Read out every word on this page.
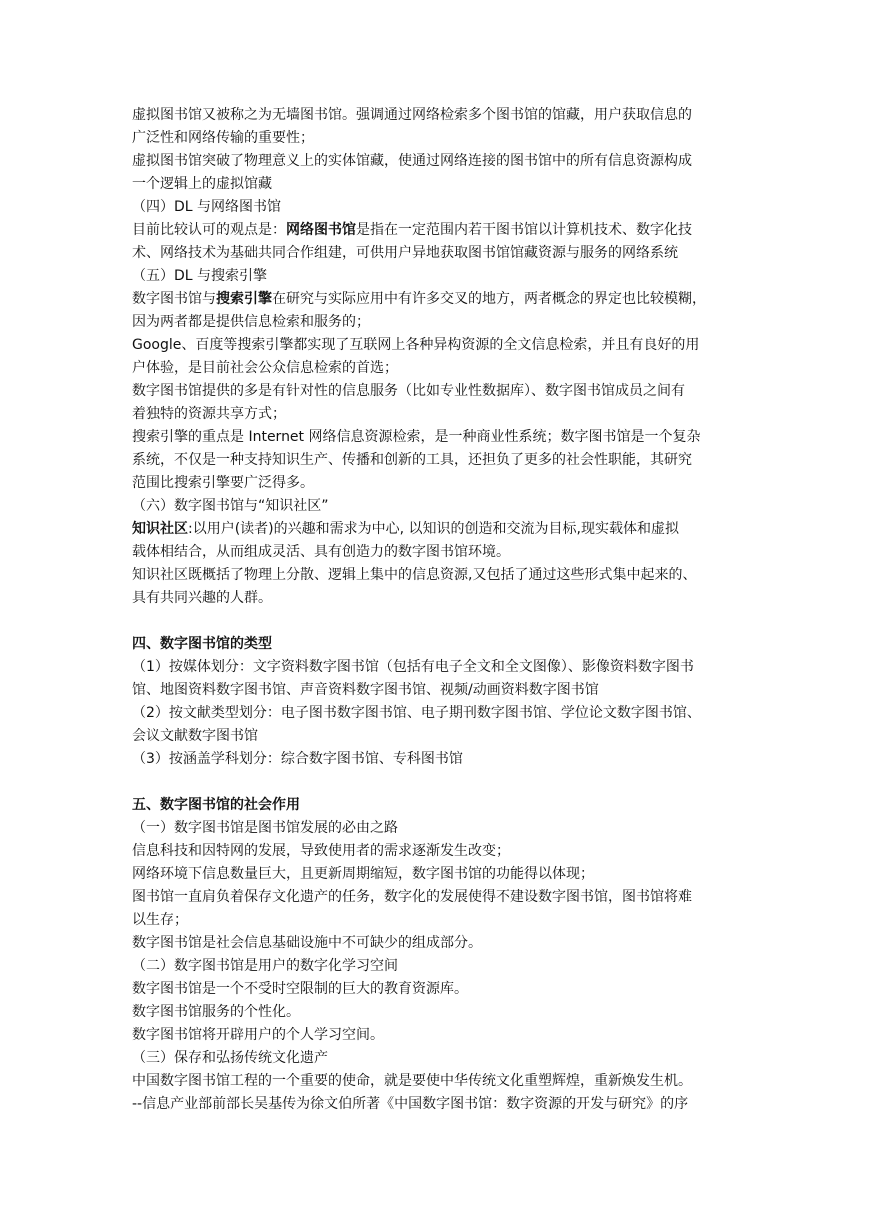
虚拟图书馆又被称之为无墙图书馆。强调通过网络检索多个图书馆的馆藏，用户获取信息的
广泛性和网络传输的重要性；
虚拟图书馆突破了物理意义上的实体馆藏，使通过网络连接的图书馆中的所有信息资源构成
一个逻辑上的虚拟馆藏
（四）DL 与网络图书馆
目前比较认可的观点是：网络图书馆是指在一定范围内若干图书馆以计算机技术、数字化技
术、网络技术为基础共同合作组建，可供用户异地获取图书馆馆藏资源与服务的网络系统
（五）DL 与搜索引擎
数字图书馆与搜索引擎在研究与实际应用中有许多交叉的地方，两者概念的界定也比较模糊，
因为两者都是提供信息检索和服务的；
Google、百度等搜索引擎都实现了互联网上各种异构资源的全文信息检索，并且有良好的用
户体验，是目前社会公众信息检索的首选；
数字图书馆提供的多是有针对性的信息服务（比如专业性数据库）、数字图书馆成员之间有
着独特的资源共享方式；
搜索引擎的重点是 Internet 网络信息资源检索，是一种商业性系统；数字图书馆是一个复杂
系统，不仅是一种支持知识生产、传播和创新的工具，还担负了更多的社会性职能，其研究
范围比搜索引擎要广泛得多。
（六）数字图书馆与“知识社区”
知识社区:以用户(读者)的兴趣和需求为中心, 以知识的创造和交流为目标,现实载体和虚拟
载体相结合，从而组成灵活、具有创造力的数字图书馆环境。
知识社区既概括了物理上分散、逻辑上集中的信息资源,又包括了通过这些形式集中起来的、
具有共同兴趣的人群。
四、数字图书馆的类型
（1）按媒体划分：文字资料数字图书馆（包括有电子全文和全文图像）、影像资料数字图书
馆、地图资料数字图书馆、声音资料数字图书馆、视频/动画资料数字图书馆
（2）按文献类型划分：电子图书数字图书馆、电子期刊数字图书馆、学位论文数字图书馆、
会议文献数字图书馆
（3）按涵盖学科划分：综合数字图书馆、专科图书馆
五、数字图书馆的社会作用
（一）数字图书馆是图书馆发展的必由之路
信息科技和因特网的发展，导致使用者的需求逐渐发生改变；
网络环境下信息数量巨大，且更新周期缩短，数字图书馆的功能得以体现；
图书馆一直肩负着保存文化遗产的任务，数字化的发展使得不建设数字图书馆，图书馆将难
以生存；
数字图书馆是社会信息基础设施中不可缺少的组成部分。
（二）数字图书馆是用户的数字化学习空间
数字图书馆是一个不受时空限制的巨大的教育资源库。
数字图书馆服务的个性化。
数字图书馆将开辟用户的个人学习空间。
（三）保存和弘扬传统文化遗产
中国数字图书馆工程的一个重要的使命，就是要使中华传统文化重塑辉煌，重新焕发生机。
--信息产业部前部长吴基传为徐文伯所著《中国数字图书馆：数字资源的开发与研究》的序
